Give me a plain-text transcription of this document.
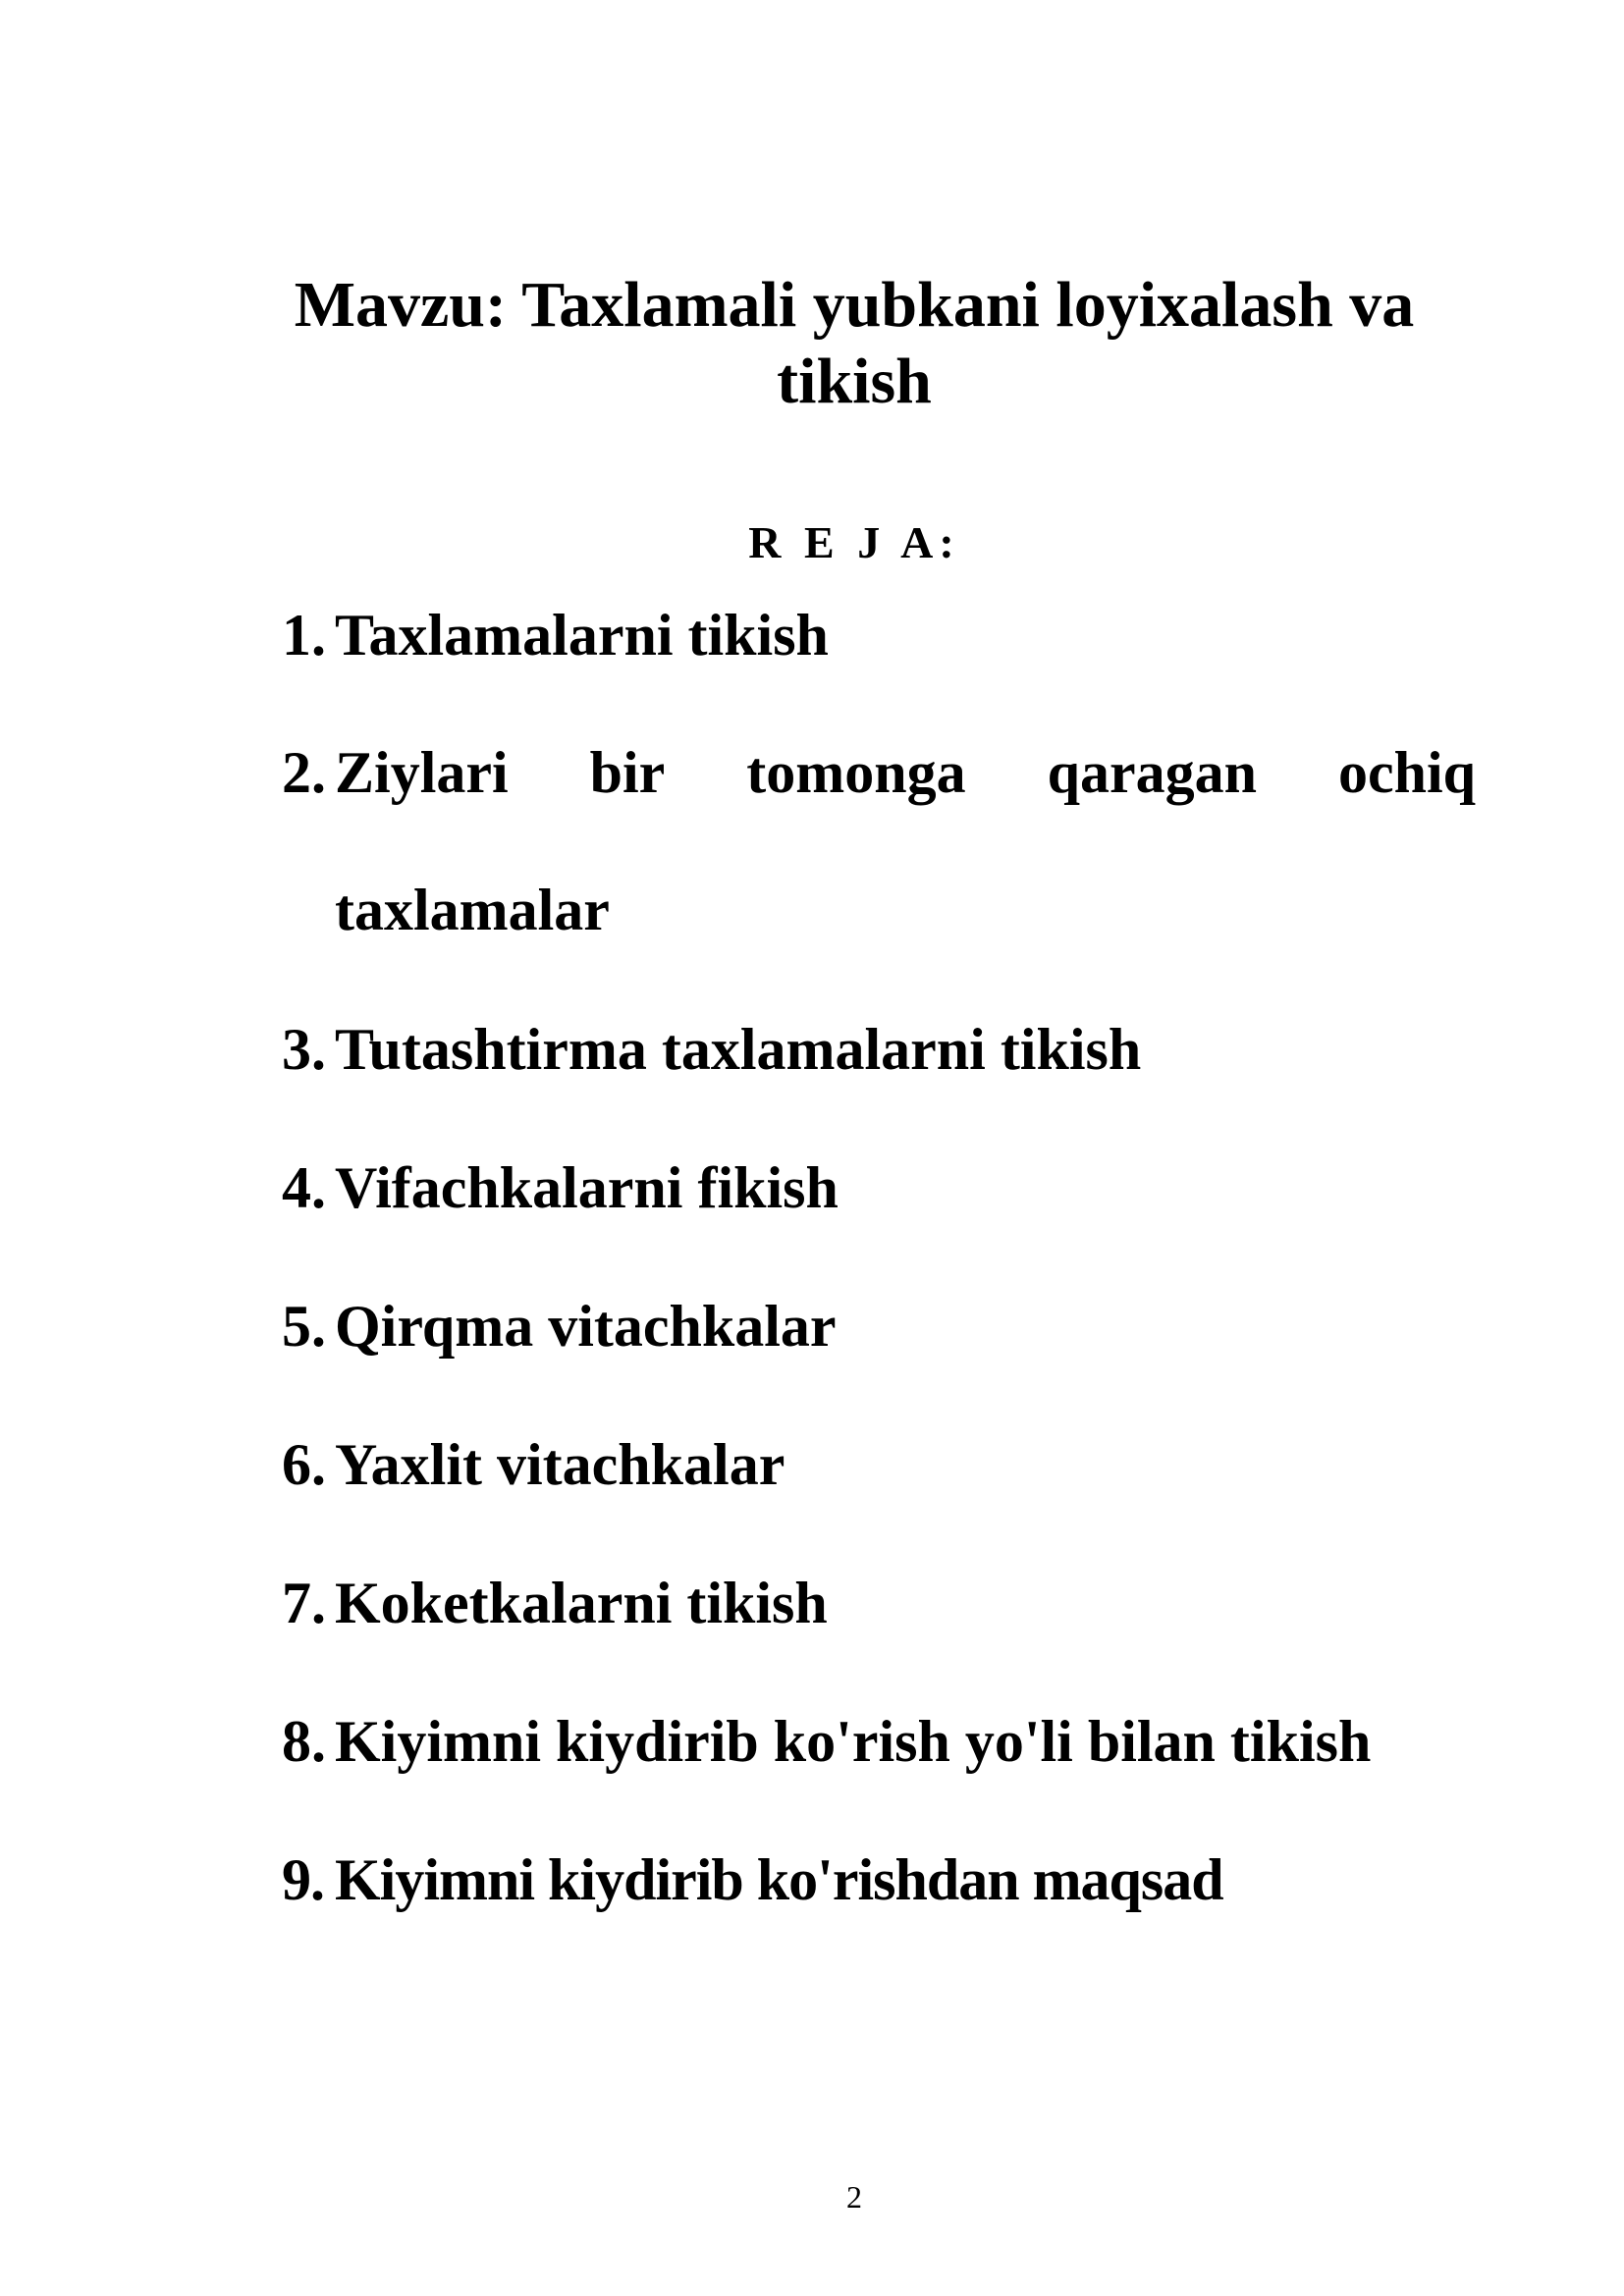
Mavzu: Taxlamali yubkani loyixalash va
tikish
R E J A:
1. Taxlamalarni tikish
2. Ziylari bir tomonga qaragan ochiq
taxlamalar
3. Tutashtirma taxlamalarni tikish
4. Vifachkalarni fikish
5. Qirqma vitachkalar
6. Yaxlit vitachkalar
7. Koketkalarni tikish
8. Kiyimni kiydirib ko'rish yo'li bilan tikish
9. Kiyimni kiydirib ko'rishdan maqsad
2
